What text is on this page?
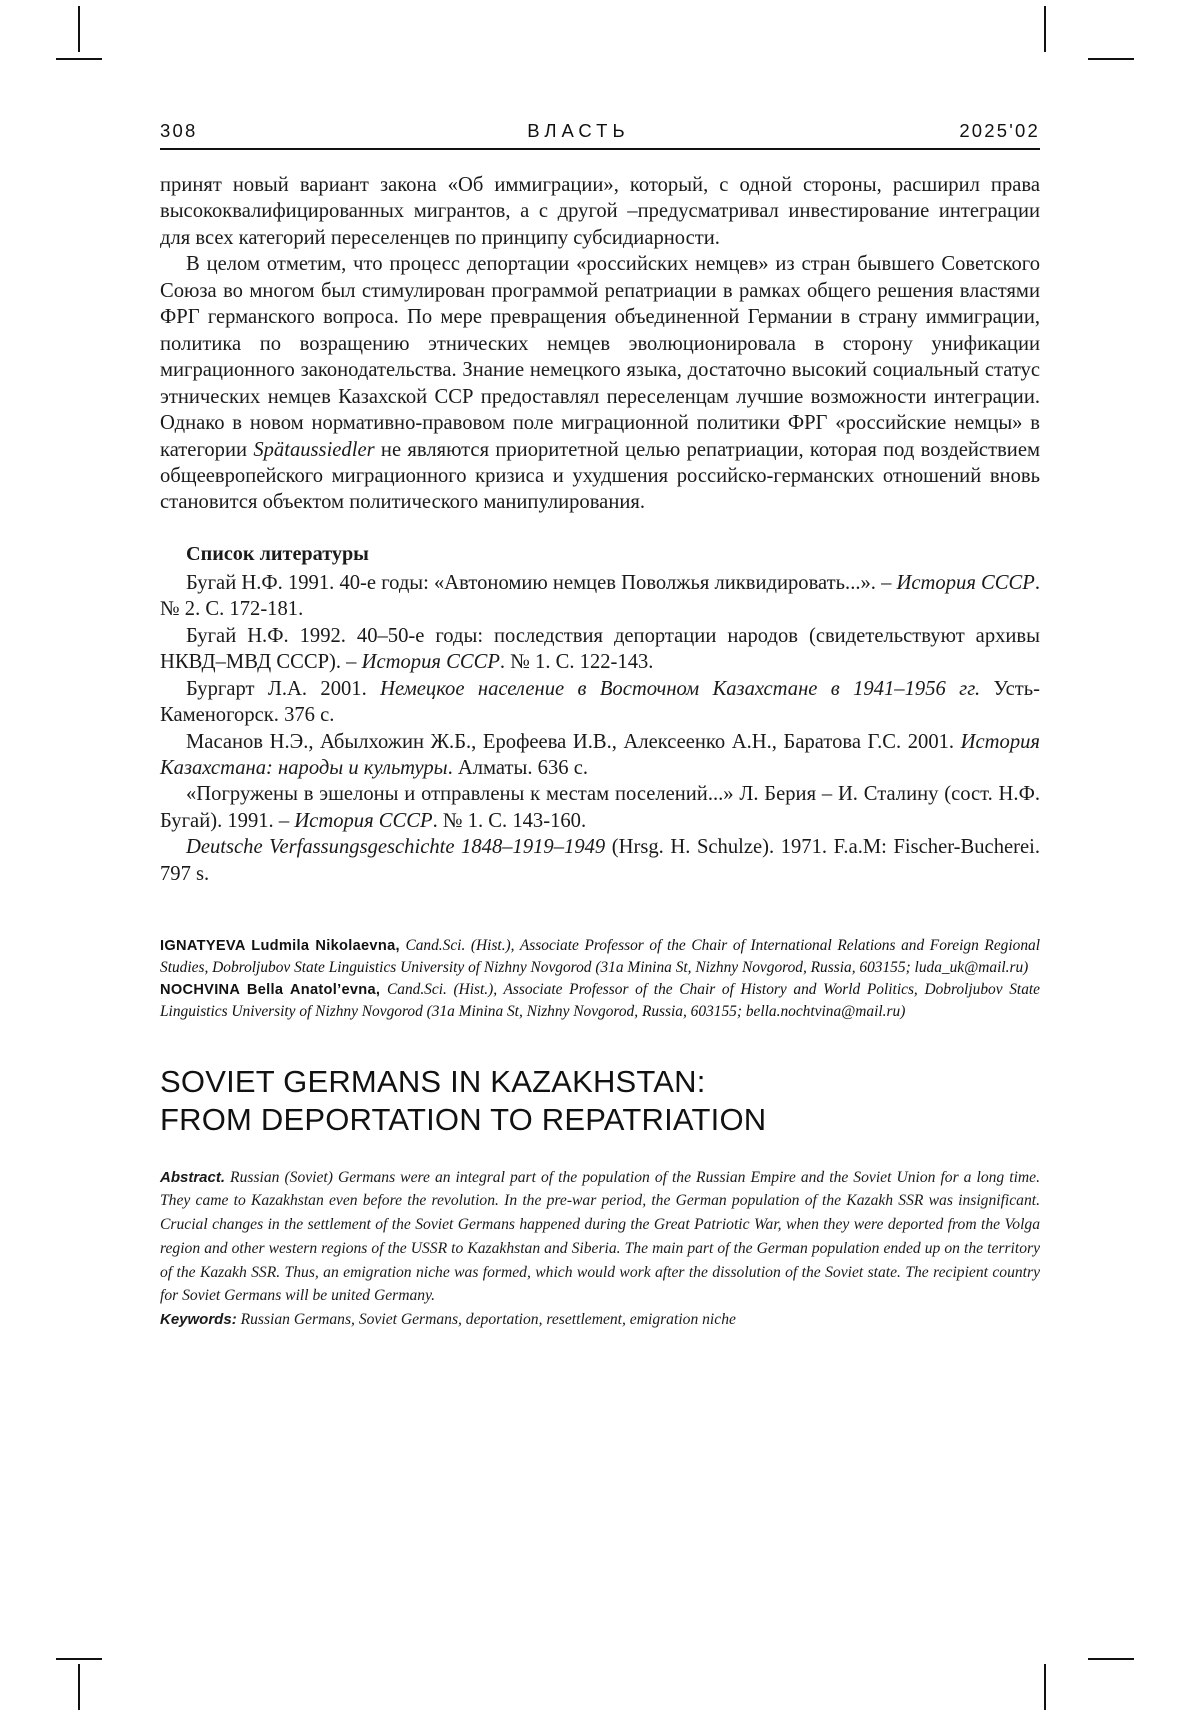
308	ВЛАСТЬ	2025'02

принят новый вариант закона «Об иммиграции», который, с одной стороны, расширил права высококвалифицированных мигрантов, а с другой –предусматривал инвестирование интеграции для всех категорий переселенцев по принципу субсидиарности.

В целом отметим, что процесс депортации «российских немцев» из стран бывшего Советского Союза во многом был стимулирован программой репатриации в рамках общего решения властями ФРГ германского вопроса. По мере превращения объединенной Германии в страну иммиграции, политика по возращению этнических немцев эволюционировала в сторону унификации миграционного законодательства. Знание немецкого языка, достаточно высокий социальный статус этнических немцев Казахской ССР предоставлял переселенцам лучшие возможности интеграции. Однако в новом нормативно-правовом поле миграционной политики ФРГ «российские немцы» в категории Spätaussiedler не являются приоритетной целью репатриации, которая под воздействием общеевропейского миграционного кризиса и ухудшения российско-германских отношений вновь становится объектом политического манипулирования.

Список литературы

Бугай Н.Ф. 1991. 40-е годы: «Автономию немцев Поволжья ликвидировать...». – История СССР. № 2. С. 172-181.

Бугай Н.Ф. 1992. 40–50-е годы: последствия депортации народов (свидетельствуют архивы НКВД–МВД СССР). – История СССР. № 1. С. 122-143.

Бургарт Л.А. 2001. Немецкое население в Восточном Казахстане в 1941–1956 гг. Усть-Каменогорск. 376 с.

Масанов Н.Э., Абылхожин Ж.Б., Ерофеева И.В., Алексеенко А.Н., Баратова Г.С. 2001. История Казахстана: народы и культуры. Алматы. 636 с.

«Погружены в эшелоны и отправлены к местам поселений...» Л. Берия – И. Сталину (сост. Н.Ф. Бугай). 1991. – История СССР. № 1. С. 143-160.

Deutsche Verfassungsgeschichte 1848–1919–1949 (Hrsg. H. Schulze). 1971. F.a.M: Fischer-Bucherei. 797 s.

IGNATYEVA Ludmila Nikolaevna, Cand.Sci. (Hist.), Associate Professor of the Chair of International Relations and Foreign Regional Studies, Dobroljubov State Linguistics University of Nizhny Novgorod (31a Minina St, Nizhny Novgorod, Russia, 603155; luda_uk@mail.ru)

NOCHVINA Bella Anatol’evna, Cand.Sci. (Hist.), Associate Professor of the Chair of History and World Politics, Dobroljubov State Linguistics University of Nizhny Novgorod (31a Minina St, Nizhny Novgorod, Russia, 603155; bella.nochtvina@mail.ru)

SOVIET GERMANS IN KAZAKHSTAN:
FROM DEPORTATION TO REPATRIATION

Abstract. Russian (Soviet) Germans were an integral part of the population of the Russian Empire and the Soviet Union for a long time. They came to Kazakhstan even before the revolution. In the pre-war period, the German population of the Kazakh SSR was insignificant. Crucial changes in the settlement of the Soviet Germans happened during the Great Patriotic War, when they were deported from the Volga region and other western regions of the USSR to Kazakhstan and Siberia. The main part of the German population ended up on the territory of the Kazakh SSR. Thus, an emigration niche was formed, which would work after the dissolution of the Soviet state. The recipient country for Soviet Germans will be united Germany.

Keywords: Russian Germans, Soviet Germans, deportation, resettlement, emigration niche
